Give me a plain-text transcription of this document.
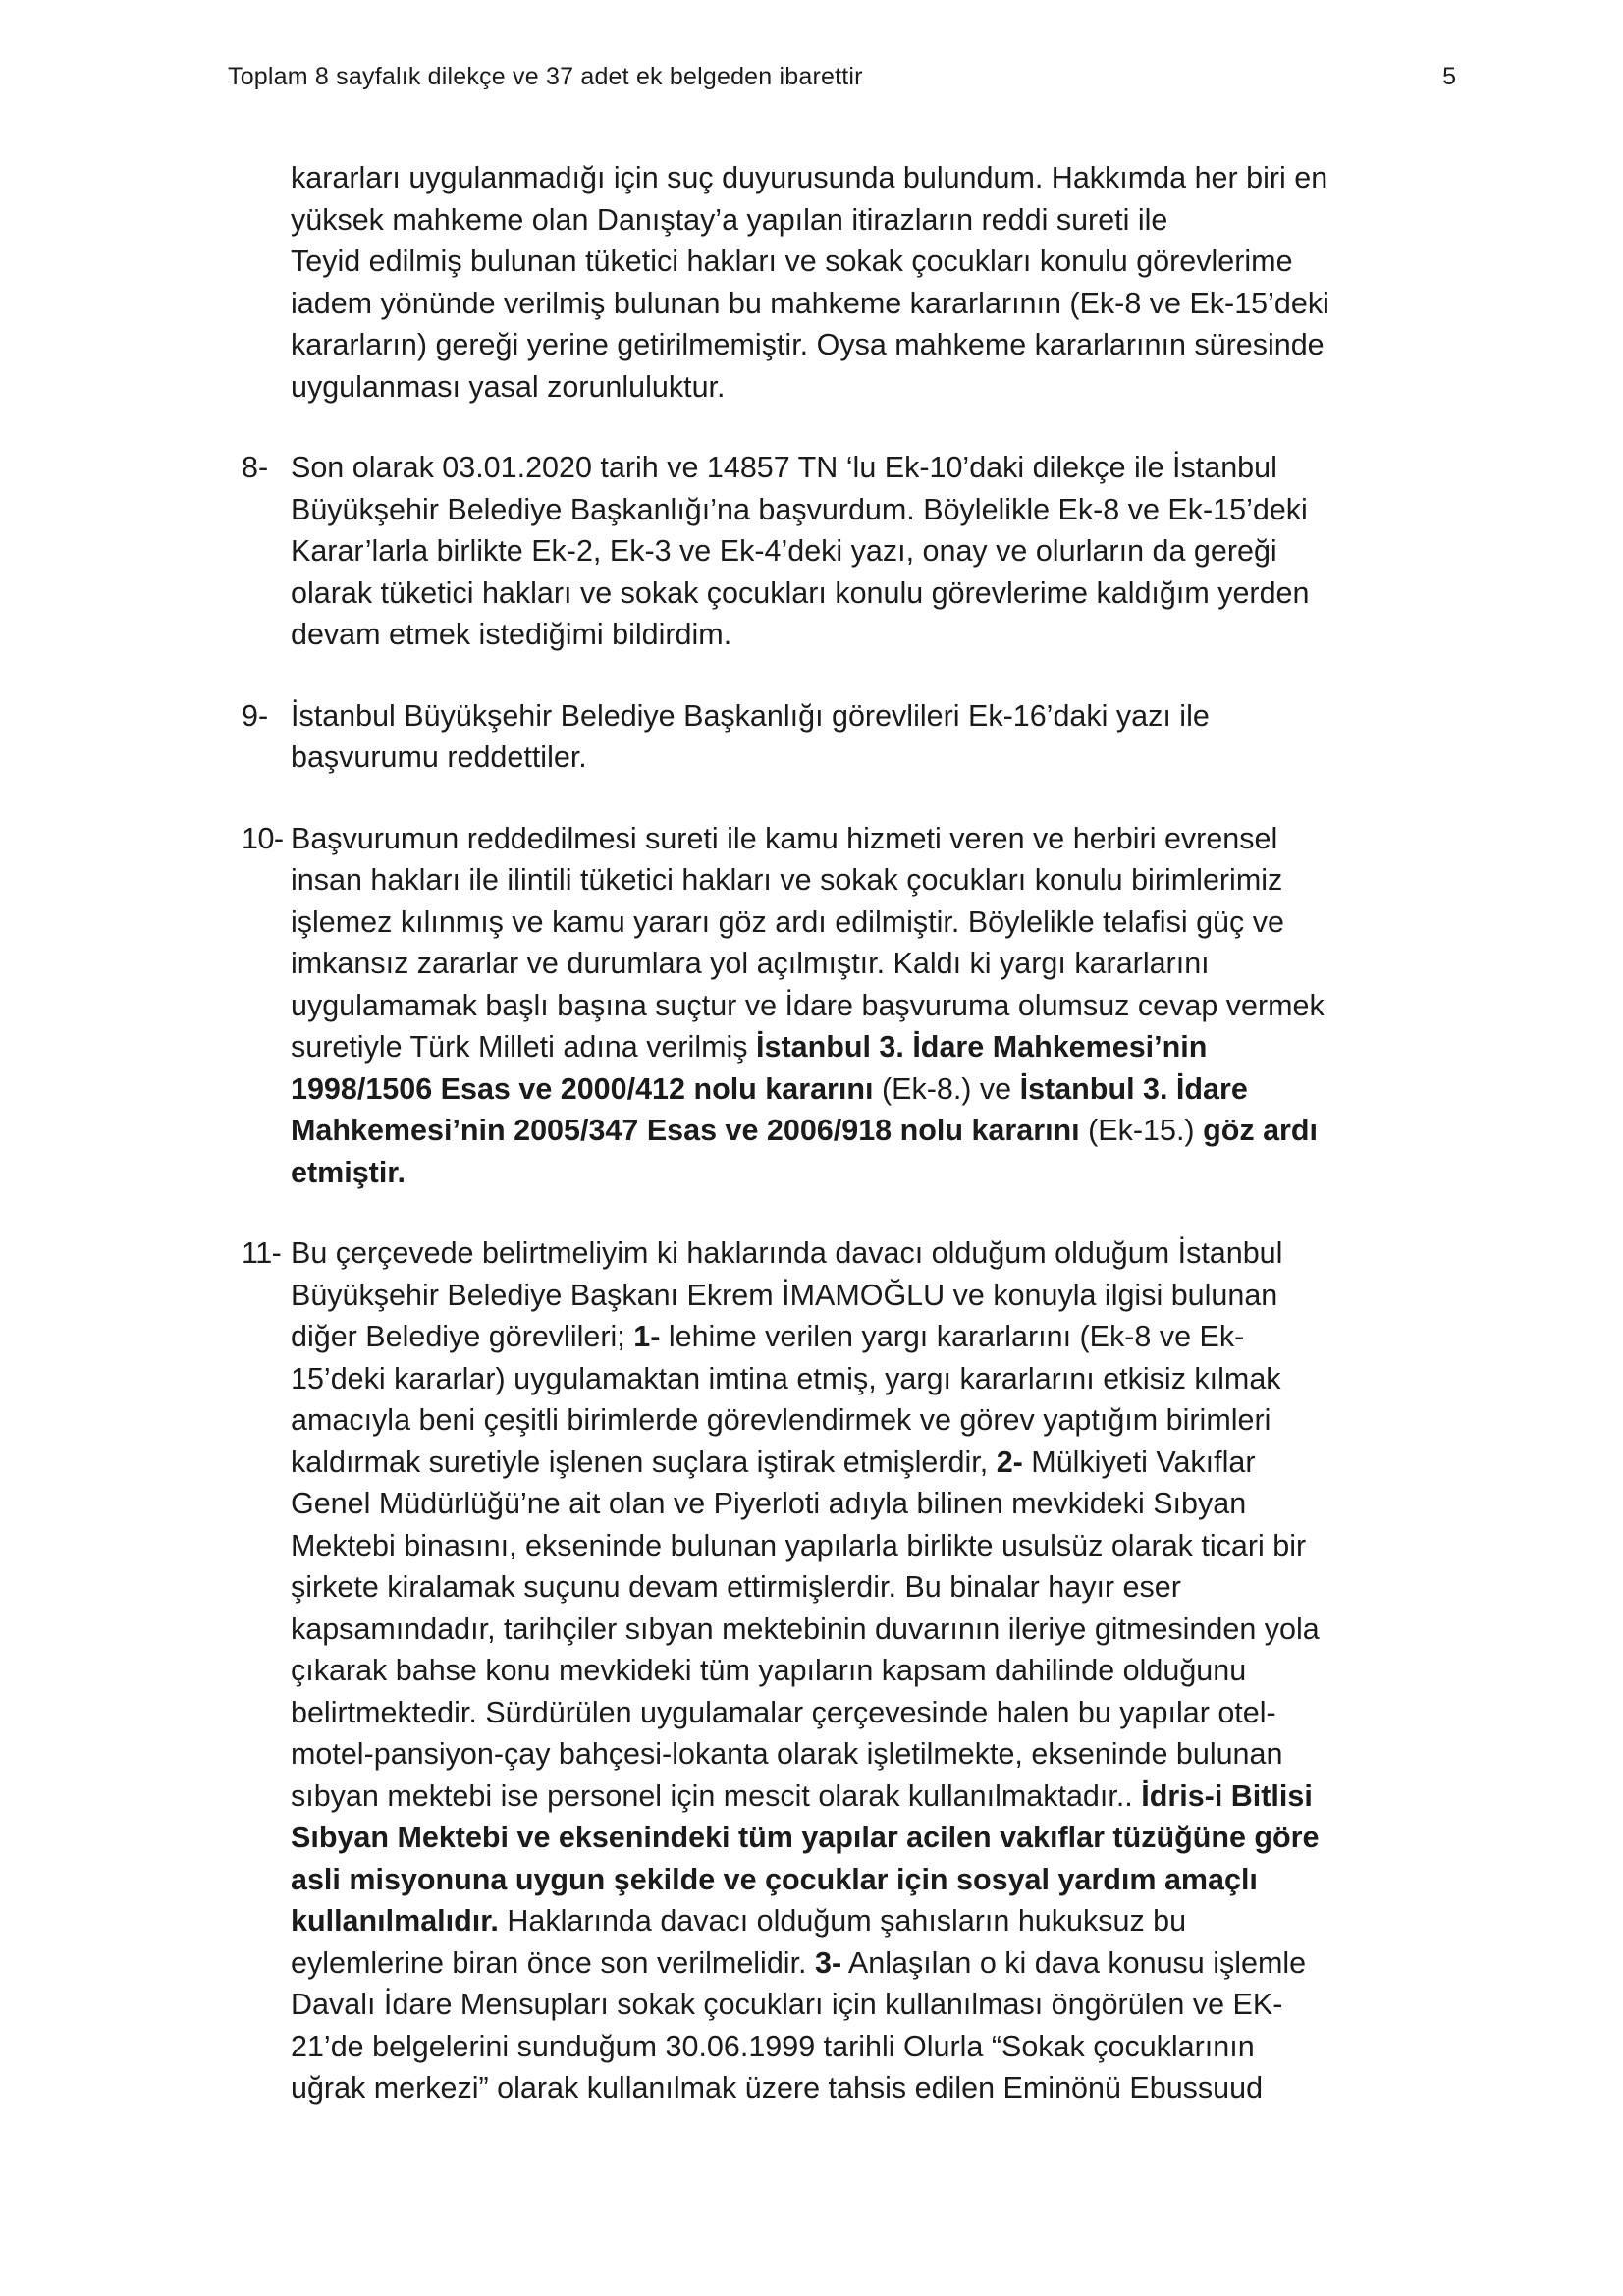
Toplam 8 sayfalık dilekçe ve 37 adet ek belgeden ibarettir	5
kararları uygulanmadığı için suç duyurusunda bulundum. Hakkımda her biri en
yüksek mahkeme olan Danıştay’a yapılan itirazların reddi sureti ile
Teyid edilmiş bulunan tüketici hakları ve sokak çocukları konulu görevlerime
iadem yönünde verilmiş bulunan bu mahkeme kararlarının (Ek-8 ve Ek-15’deki
kararların) gereği yerine getirilmemiştir. Oysa mahkeme kararlarının süresinde
uygulanması yasal zorunluluktur.
8- Son olarak 03.01.2020 tarih ve 14857 TN ‘lu Ek-10’daki dilekçe ile İstanbul
Büyükşehir Belediye Başkanlığı’na başvurdum. Böylelikle Ek-8 ve Ek-15’deki
Karar’larla birlikte Ek-2, Ek-3 ve Ek-4’deki yazı, onay ve olurların da gereği
olarak tüketici hakları ve sokak çocukları konulu görevlerime kaldığım yerden
devam etmek istediğimi bildirdim.
9- İstanbul Büyükşehir Belediye Başkanlığı görevlileri Ek-16’daki yazı ile
başvurumu reddettiler.
10- Başvurumun reddedilmesi sureti ile kamu hizmeti veren ve herbiri evrensel
insan hakları ile ilintili tüketici hakları ve sokak çocukları konulu birimlerimiz
işlemez kılınmış ve kamu yararı göz ardı edilmiştir. Böylelikle telafisi güç ve
imkansız zararlar ve durumlara yol açılmıştır. Kaldı ki yargı kararlarını
uygulamamak başlı başına suçtur ve İdare başvuruma olumsuz cevap vermek
suretiyle Türk Milleti adına verilmiş İstanbul 3. İdare Mahkemesi’nin
1998/1506 Esas ve 2000/412 nolu kararını (Ek-8.) ve İstanbul 3. İdare
Mahkemesi’nin 2005/347 Esas ve 2006/918 nolu kararını (Ek-15.) göz ardı
etmiştir.
11- Bu çerçevede belirtmeliyim ki haklarında davacı olduğum olduğum İstanbul
Büyükşehir Belediye Başkanı Ekrem İMAMOĞLU ve konuyla ilgisi bulunan
diğer Belediye görevlileri; 1- lehime verilen yargı kararlarını (Ek-8 ve Ek-
15’deki kararlar) uygulamaktan imtina etmiş, yargı kararlarını etkisiz kılmak
amacıyla beni çeşitli birimlerde görevlendirmek ve görev yaptığım birimleri
kaldırmak suretiyle işlenen suçlara iştirak etmişlerdir, 2- Mülkiyeti Vakıflar
Genel Müdürlüğü’ne ait olan ve Piyerloti adıyla bilinen mevkideki Sıbyan
Mektebi binasını, ekseninde bulunan yapılarla birlikte usulsüz olarak ticari bir
şirkete kiralamak suçunu devam ettirmişlerdir. Bu binalar hayır eser
kapsamındadır, tarihçiler sıbyan mektebinin duvarının ileriye gitmesinden yola
çıkarak bahse konu mevkideki tüm yapıların kapsam dahilinde olduğunu
belirtmektedir. Sürdürülen uygulamalar çerçevesinde halen bu yapılar otel-
motel-pansiyon-çay bahçesi-lokanta olarak işletilmekte, ekseninde bulunan
sıbyan mektebi ise personel için mescit olarak kullanılmaktadır.. İdris-i Bitlisi
Sıbyan Mektebi ve eksenindeki tüm yapılar acilen vakıflar tüzüğüne göre
asli misyonuna uygun şekilde ve çocuklar için sosyal yardım amaçlı
kullanılmalıdır. Haklarında davacı olduğum şahısların hukuksuz bu
eylemlerine biran önce son verilmelidir. 3- Anlaşılan o ki dava konusu işlemle
Davalı İdare Mensupları sokak çocukları için kullanılması öngörülen ve EK-
21’de belgelerini sunduğum 30.06.1999 tarihli Olurla “Sokak çocuklarının
uğrak merkezi” olarak kullanılmak üzere tahsis edilen Eminönü Ebussuud
